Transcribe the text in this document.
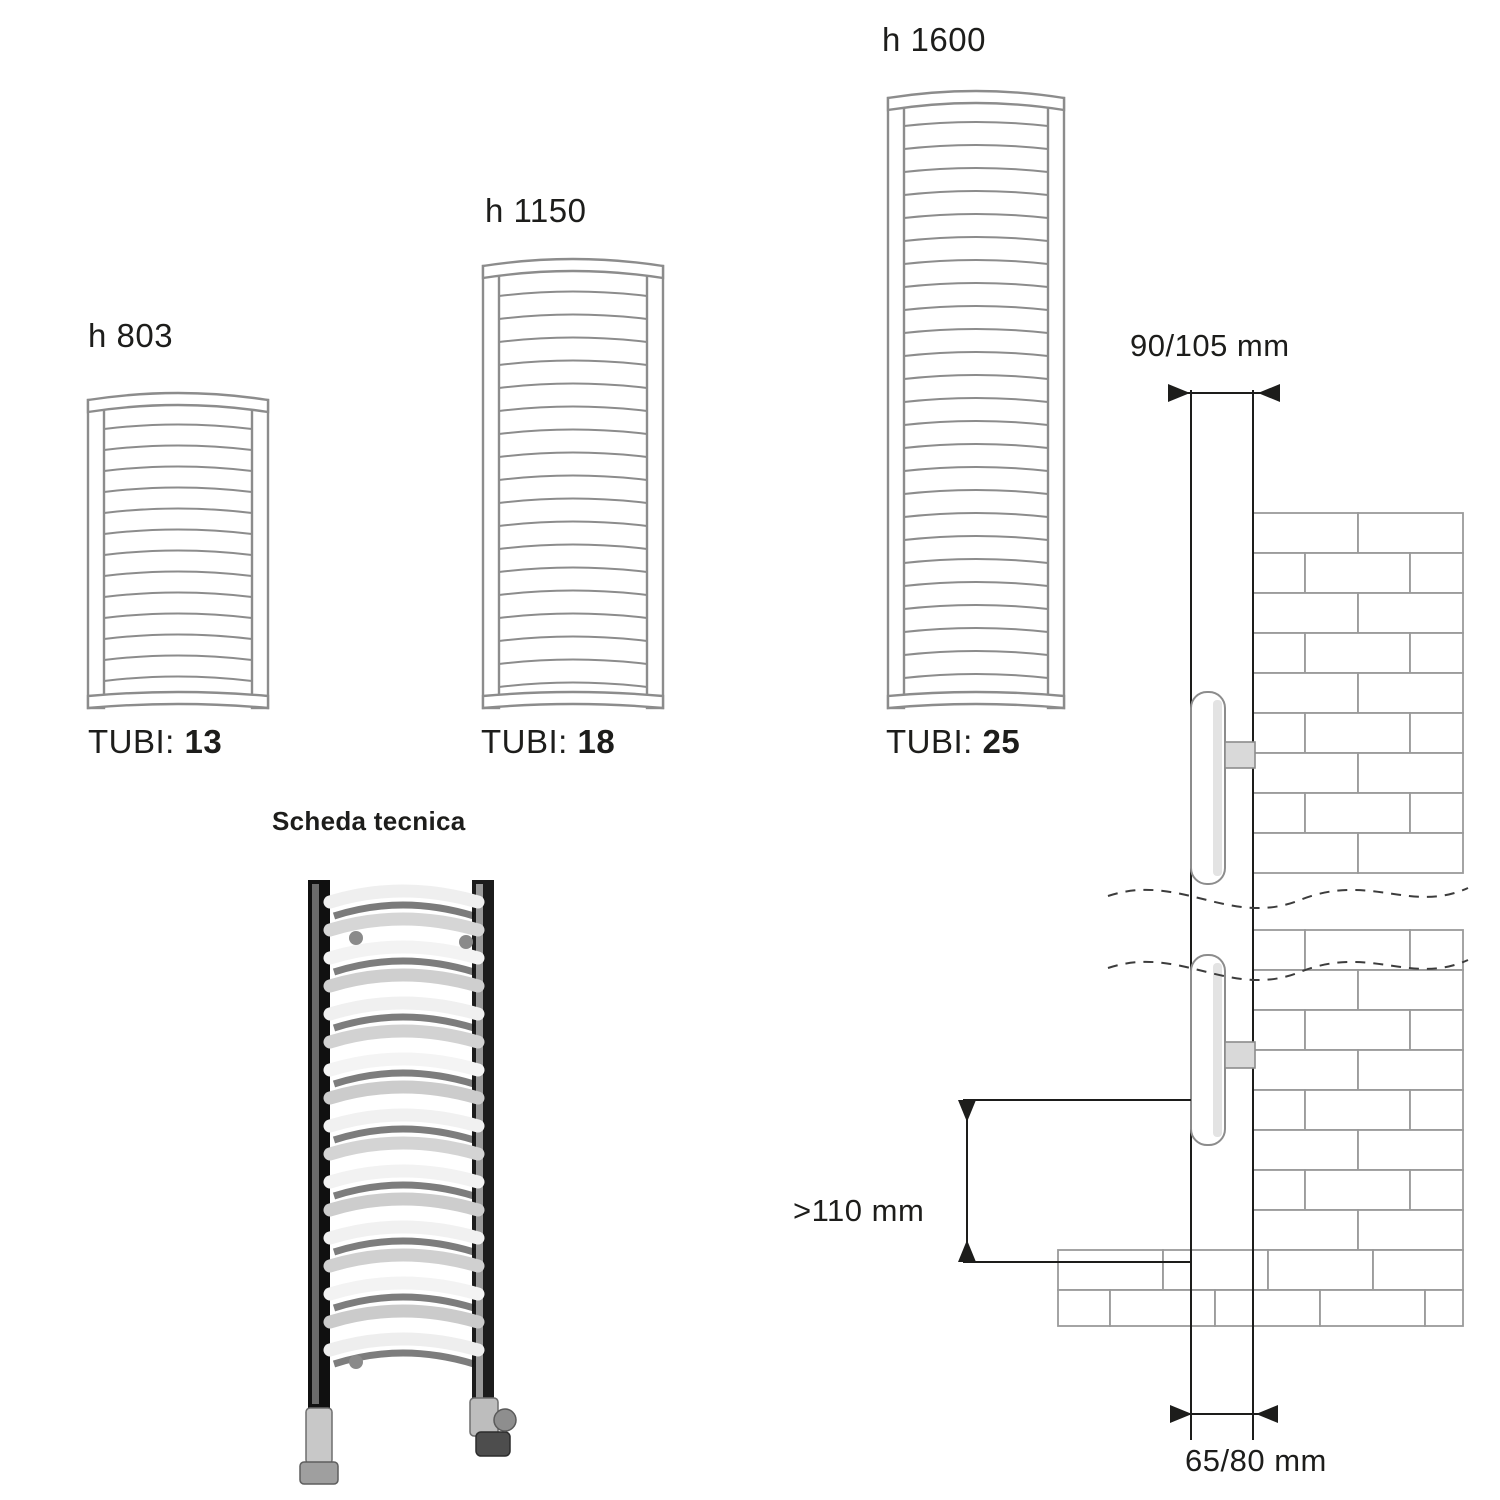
h 803
h 1150
h 1600
TUBI: 13	TUBI: 18	TUBI: 25
Scheda tecnica
90/105 mm
>110 mm
65/80 mm
